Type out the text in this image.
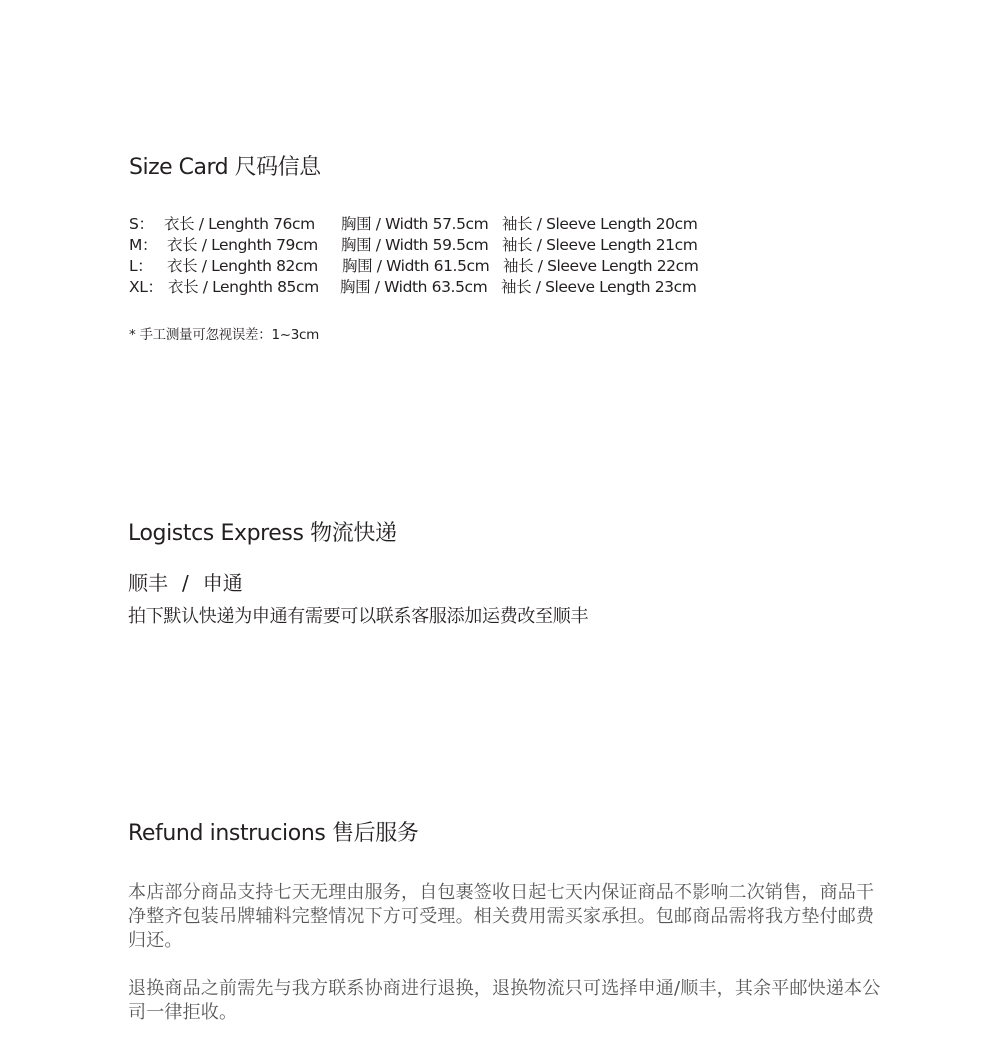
Size Card 尺码信息
S： 衣长 / Lenghth 76cm 胸围 / Width 57.5cm 袖长 / Sleeve Length 20cm
M： 衣长 / Lenghth 79cm 胸围 / Width 59.5cm 袖长 / Sleeve Length 21cm
L： 衣长 / Lenghth 82cm 胸围 / Width 61.5cm 袖长 / Sleeve Length 22cm
XL： 衣长 / Lenghth 85cm 胸围 / Width 63.5cm 袖长 / Sleeve Length 23cm
* 手工测量可忽视误差：1~3cm
Logistcs Express 物流快递
顺丰 / 申通
拍下默认快递为申通有需要可以联系客服添加运费改至顺丰
Refund instrucions 售后服务
本店部分商品支持七天无理由服务，自包裹签收日起七天内保证商品不影响二次销售，商品干净整齐包装吊牌辅料完整情况下方可受理。相关费用需买家承担。包邮商品需将我方垫付邮费归还。
退换商品之前需先与我方联系协商进行退换，退换物流只可选择申通/顺丰，其余平邮快递本公司一律拒收。
